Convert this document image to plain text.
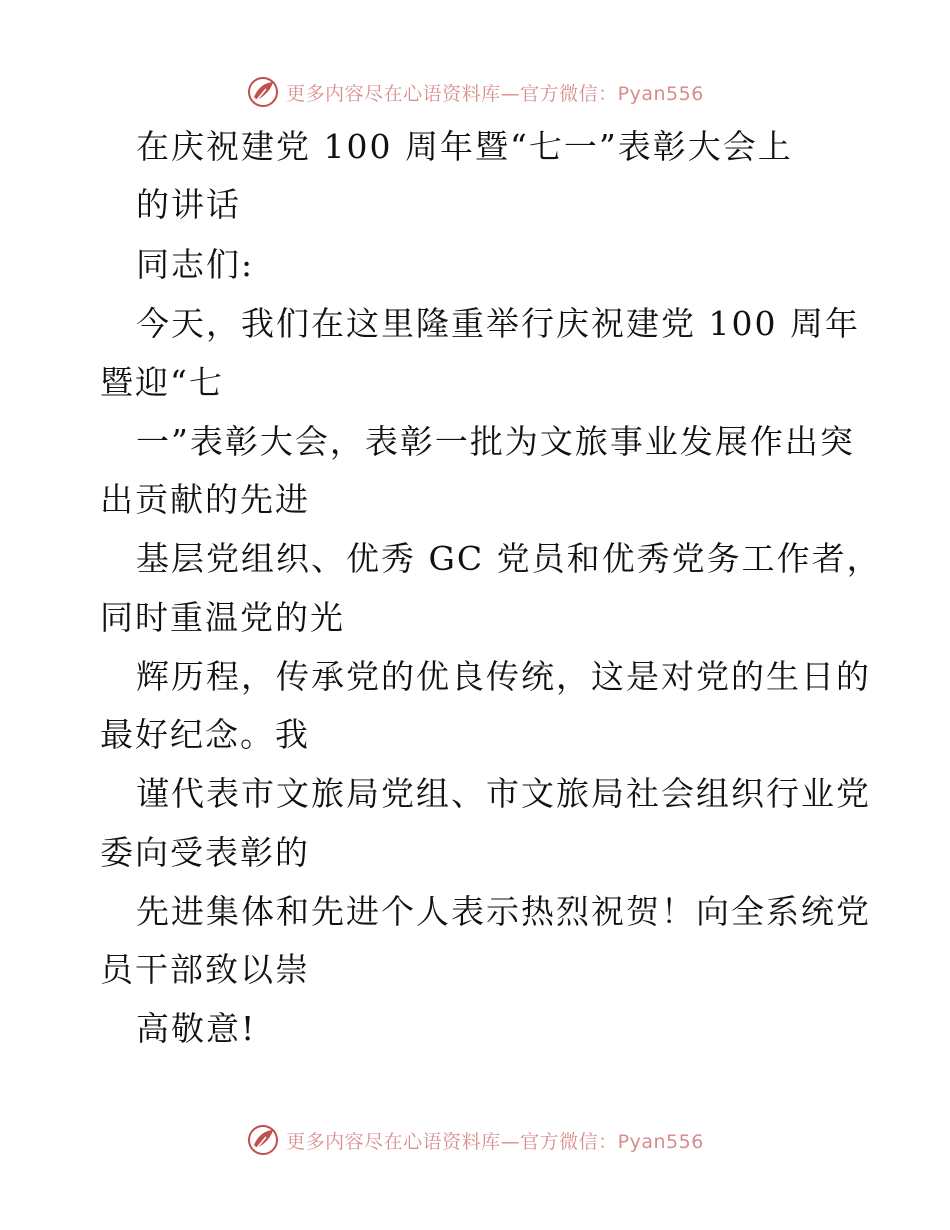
更多内容尽在心语资料库—官方微信：Pyan556
在庆祝建党 100 周年暨“七一”表彰大会上
的讲话
同志们:
今天，我们在这里隆重举行庆祝建党 100 周年
暨迎“七
一”表彰大会，表彰一批为文旅事业发展作出突
出贡献的先进
基层党组织、优秀 GC 党员和优秀党务工作者，
同时重温党的光
辉历程，传承党的优良传统，这是对党的生日的
最好纪念。我
谨代表市文旅局党组、市文旅局社会组织行业党
委向受表彰的
先进集体和先进个人表示热烈祝贺！向全系统党
员干部致以崇
高敬意!
更多内容尽在心语资料库—官方微信：Pyan556
